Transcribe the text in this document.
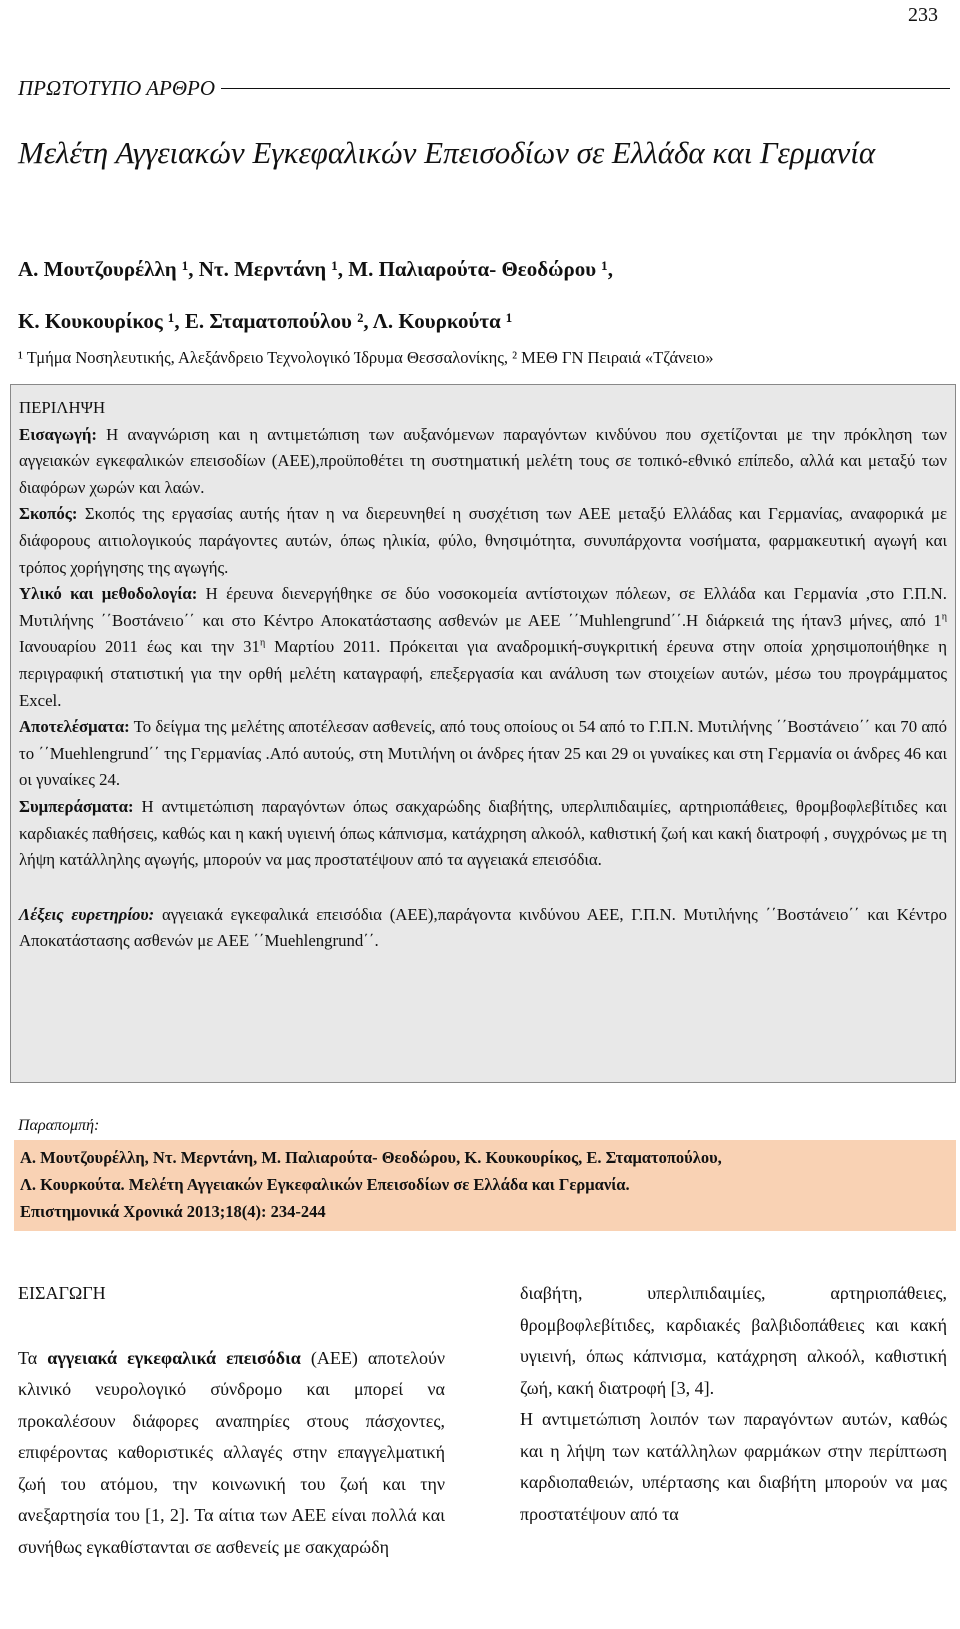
233
ΠΡΩΤΟΤΥΠΟ ΑΡΘΡΟ
Μελέτη Αγγειακών Εγκεφαλικών Επεισοδίων σε Ελλάδα και Γερμανία
Α. Μουτζουρέλλη ¹, Ντ. Μερντάνη ¹, Μ. Παλιαρούτα- Θεοδώρου ¹,
Κ. Κουκουρίκος ¹, Ε. Σταματοπούλου ², Λ. Κουρκούτα ¹
¹ Τμήμα Νοσηλευτικής, Αλεξάνδρειο Τεχνολογικό Ίδρυμα Θεσσαλονίκης, ² ΜΕΘ ΓΝ Πειραιά «Τζάνειο»

ΠΕΡΙΛΗΨΗ

Εισαγωγή: Η αναγνώριση και η αντιμετώπιση των αυξανόμενων παραγόντων κινδύνου που σχετίζονται με την πρόκληση των αγγειακών εγκεφαλικών επεισοδίων (ΑΕΕ),προϋποθέτει τη συστηματική μελέτη τους σε τοπικό-εθνικό επίπεδο, αλλά και μεταξύ των διαφόρων χωρών και λαών.

Σκοπός: Σκοπός της εργασίας αυτής ήταν η να διερευνηθεί η συσχέτιση των ΑΕΕ μεταξύ Ελλάδας και Γερμανίας, αναφορικά με διάφορους αιτιολογικούς παράγοντες αυτών, όπως ηλικία, φύλο, θνησιμότητα, συνυπάρχοντα νοσήματα, φαρμακευτική αγωγή και τρόπος χορήγησης της αγωγής.

Υλικό και μεθοδολογία: Η έρευνα διενεργήθηκε σε δύο νοσοκομεία αντίστοιχων πόλεων, σε Ελλάδα και Γερμανία ,στο Γ.Π.Ν. Μυτιλήνης ΄΄Βοστάνειο΄΄ και στο Κέντρο Αποκατάστασης ασθενών με ΑΕΕ ΄΄Muhlengrund΄΄.Η διάρκειά της ήταν3 μήνες, από $1^\eta$ Ιανουαρίου 2011 έως και την $31^\eta$ Μαρτίου 2011. Πρόκειται για αναδρομική-συγκριτική έρευνα στην οποία χρησιμοποιήθηκε η περιγραφική στατιστική για την ορθή μελέτη καταγραφή, επεξεργασία και ανάλυση των στοιχείων αυτών, μέσω του προγράμματος Excel.

Αποτελέσματα: Το δείγμα της μελέτης αποτέλεσαν ασθενείς, από τους οποίους οι 54 από το Γ.Π.Ν. Μυτιλήνης ΄΄Βοστάνειο΄΄ και 70 από το ΄΄Muehlengrund΄΄ της Γερμανίας .Από αυτούς, στη Μυτιλήνη οι άνδρες ήταν 25 και 29 οι γυναίκες και στη Γερμανία οι άνδρες 46 και οι γυναίκες 24.

Συμπεράσματα: Η αντιμετώπιση παραγόντων όπως σακχαρώδης διαβήτης, υπερλιπιδαιμίες, αρτηριοπάθειες, θρομβοφλεβίτιδες και καρδιακές παθήσεις, καθώς και η κακή υγιεινή όπως κάπνισμα, κατάχρηση αλκοόλ, καθιστική ζωή και κακή διατροφή , συγχρόνως με τη λήψη κατάλληλης αγωγής, μπορούν να μας προστατέψουν από τα αγγειακά επεισόδια.

Λέξεις ευρετηρίου: αγγειακά εγκεφαλικά επεισόδια (ΑΕΕ),παράγοντα κινδύνου ΑΕΕ, Γ.Π.Ν. Μυτιλήνης ΄΄Βοστάνειο΄΄ και Κέντρο Αποκατάστασης ασθενών με ΑΕΕ ΄΄Muehlengrund΄΄.

Παραπομπή:

Α. Μουτζουρέλλη, Ντ. Μερντάνη, Μ. Παλιαρούτα- Θεοδώρου, Κ. Κουκουρίκος, Ε. Σταματοπούλου,

Λ. Κουρκούτα. Μελέτη Αγγειακών Εγκεφαλικών Επεισοδίων σε Ελλάδα και Γερμανία.

Επιστημονικά Χρονικά 2013;18(4): 234-244

ΕΙΣΑΓΩΓΗ

Τα αγγειακά εγκεφαλικά επεισόδια (ΑΕΕ) αποτελούν κλινικό νευρολογικό σύνδρομο και μπορεί να προκαλέσουν διάφορες αναπηρίες στους πάσχοντες, επιφέροντας καθοριστικές αλλαγές στην επαγγελματική ζωή του ατόμου, την κοινωνική του ζωή και την ανεξαρτησία του [1, 2]. Τα αίτια των ΑΕΕ είναι πολλά και συνήθως εγκαθίστανται σε ασθενείς με σακχαρώδη

διαβήτη, υπερλιπιδαιμίες, αρτηριοπάθειες, θρομβοφλεβίτιδες, καρδιακές βαλβιδοπάθειες και κακή υγιεινή, όπως κάπνισμα, κατάχρηση αλκοόλ, καθιστική ζωή, κακή διατροφή [3, 4].

Η αντιμετώπιση λοιπόν των παραγόντων αυτών, καθώς και η λήψη των κατάλληλων φαρμάκων στην περίπτωση καρδιοπαθειών, υπέρτασης και διαβήτη μπορούν να μας προστατέψουν από τα
